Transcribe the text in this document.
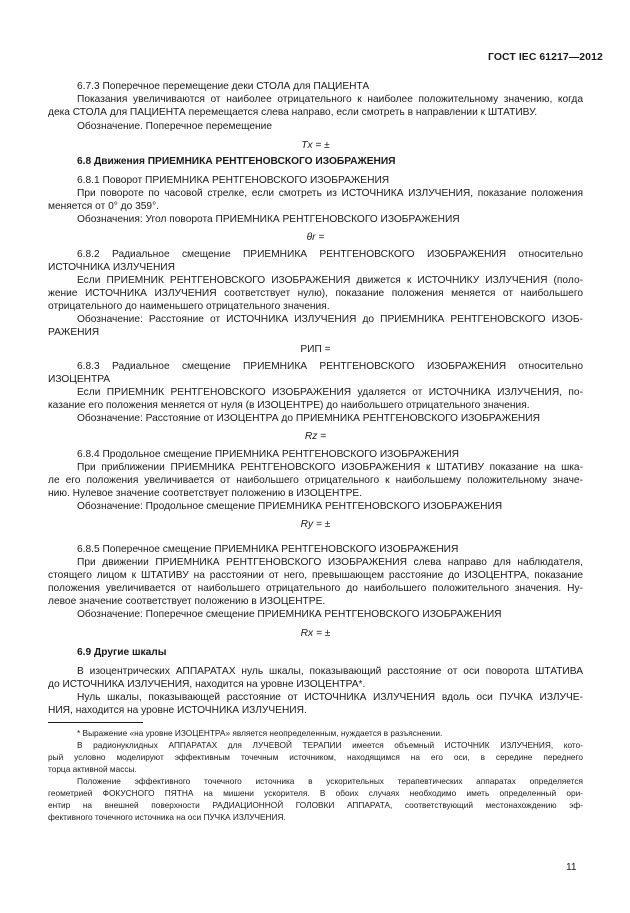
ГОСТ IEC 61217—2012
6.7.3 Поперечное перемещение деки СТОЛА для ПАЦИЕНТА
Показания увеличиваются от наиболее отрицательного к наиболее положительному значению, когда
дека СТОЛА для ПАЦИЕНТА перемещается слева направо, если смотреть в направлении к ШТАТИВУ.
Обозначение. Поперечное перемещение
Tx = ±
6.8 Движения ПРИЕМНИКА РЕНТГЕНОВСКОГО ИЗОБРАЖЕНИЯ
6.8.1 Поворот ПРИЕМНИКА РЕНТГЕНОВСКОГО ИЗОБРАЖЕНИЯ
При повороте по часовой стрелке, если смотреть из ИСТОЧНИКА ИЗЛУЧЕНИЯ, показание положения
меняется от 0° до 359°.
Обозначения: Угол поворота ПРИЕМНИКА РЕНТГЕНОВСКОГО ИЗОБРАЖЕНИЯ
θr =
6.8.2 Радиальное смещение ПРИЕМНИКА РЕНТГЕНОВСКОГО ИЗОБРАЖЕНИЯ относительно
ИСТОЧНИКА ИЗЛУЧЕНИЯ
Если ПРИЕМНИК РЕНТГЕНОВСКОГО ИЗОБРАЖЕНИЯ движется к ИСТОЧНИКУ ИЗЛУЧЕНИЯ (поло-
жение ИСТОЧНИКА ИЗЛУЧЕНИЯ соответствует нулю), показание положения меняется от наибольшего
отрицательного до наименьшего отрицательного значения.
Обозначение: Расстояние от ИСТОЧНИКА ИЗЛУЧЕНИЯ до ПРИЕМНИКА РЕНТГЕНОВСКОГО ИЗОБ-
РАЖЕНИЯ
РИП =
6.8.3 Радиальное смещение ПРИЕМНИКА РЕНТГЕНОВСКОГО ИЗОБРАЖЕНИЯ относительно
ИЗОЦЕНТРА
Если ПРИЕМНИК РЕНТГЕНОВСКОГО ИЗОБРАЖЕНИЯ удаляется от ИСТОЧНИКА ИЗЛУЧЕНИЯ, по-
казание его положения меняется от нуля (в ИЗОЦЕНТРЕ) до наибольшего отрицательного значения.
Обозначение: Расстояние от ИЗОЦЕНТРА до ПРИЕМНИКА РЕНТГЕНОВСКОГО ИЗОБРАЖЕНИЯ
Rz =
6.8.4 Продольное смещение ПРИЕМНИКА РЕНТГЕНОВСКОГО ИЗОБРАЖЕНИЯ
При приближении ПРИЕМНИКА РЕНТГЕНОВСКОГО ИЗОБРАЖЕНИЯ к ШТАТИВУ показание на шка-
ле его положения увеличивается от наибольшего отрицательного к наибольшему положительному значе-
нию. Нулевое значение соответствует положению в ИЗОЦЕНТРЕ.
Обозначение: Продольное смещение ПРИЕМНИКА РЕНТГЕНОВСКОГО ИЗОБРАЖЕНИЯ
Ry = ±
6.8.5 Поперечное смещение ПРИЕМНИКА РЕНТГЕНОВСКОГО ИЗОБРАЖЕНИЯ
При движении ПРИЕМНИКА РЕНТГЕНОВСКОГО ИЗОБРАЖЕНИЯ слева направо для наблюдателя,
стоящего лицом к ШТАТИВУ на расстоянии от него, превышающем расстояние до ИЗОЦЕНТРА, показание
положения увеличивается от наибольшего отрицательного до наибольшего положительного значения. Ну-
левое значение соответствует положению в ИЗОЦЕНТРЕ.
Обозначение: Поперечное смещение ПРИЕМНИКА РЕНТГЕНОВСКОГО ИЗОБРАЖЕНИЯ
Rx = ±
6.9 Другие шкалы
В изоцентрических АППАРАТАХ нуль шкалы, показывающий расстояние от оси поворота ШТАТИВА
до ИСТОЧНИКА ИЗЛУЧЕНИЯ, находится на уровне ИЗОЦЕНТРА*.
Нуль шкалы, показывающей расстояние от ИСТОЧНИКА ИЗЛУЧЕНИЯ вдоль оси ПУЧКА ИЗЛУЧЕ-
НИЯ, находится на уровне ИСТОЧНИКА ИЗЛУЧЕНИЯ.
* Выражение «на уровне ИЗОЦЕНТРА» является неопределенным, нуждается в разъяснении.
В радионуклидных АППАРАТАХ для ЛУЧЕВОЙ ТЕРАПИИ имеется объемный ИСТОЧНИК ИЗЛУЧЕНИЯ, кото-
рый условно моделируют эффективным точечным источником, находящимся на его оси, в середине переднего
торца активной массы.
Положение эффективного точечного источника в ускорительных терапевтических аппаратах определяется
геометрией ФОКУСНОГО ПЯТНА на мишени ускорителя. В обоих случаях необходимо иметь определенный ори-
ентир на внешней поверхности РАДИАЦИОННОЙ ГОЛОВКИ АППАРАТА, соответствующий местонахождению эф-
фективного точечного источника на оси ПУЧКА ИЗЛУЧЕНИЯ.
11
